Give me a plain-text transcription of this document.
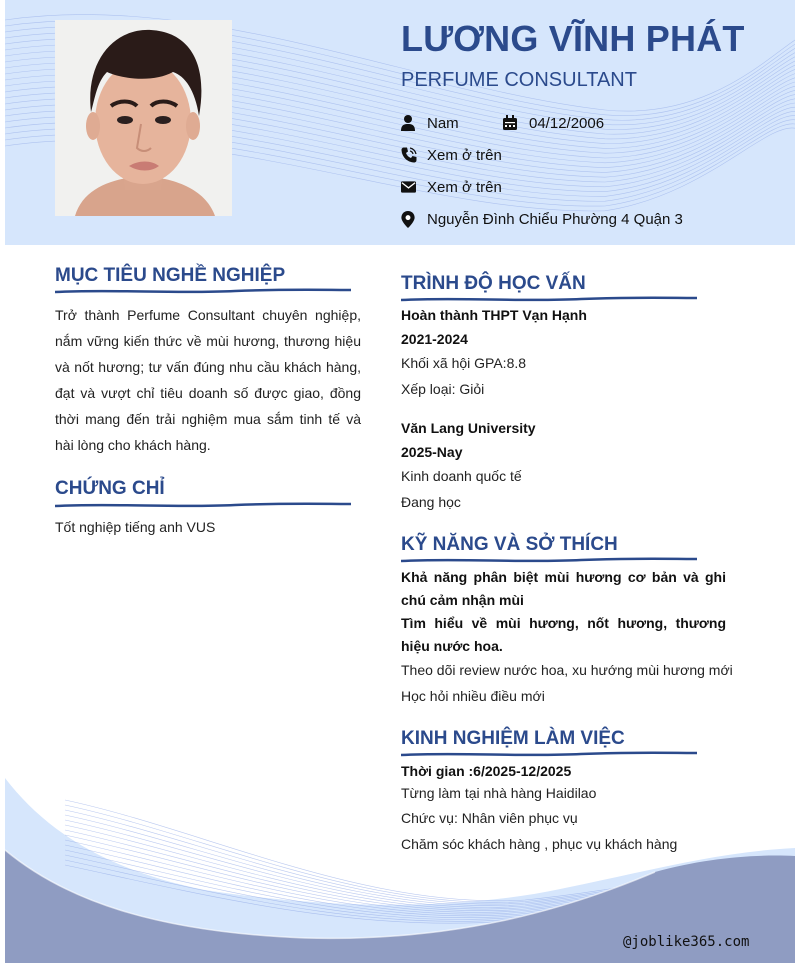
LƯƠNG VĨNH PHÁT
PERFUME CONSULTANT
Nam	04/12/2006
Xem ở trên
Xem ở trên
Nguyễn Đình Chiểu Phường 4 Quận 3
MỤC TIÊU NGHỀ NGHIỆP
Trở thành Perfume Consultant chuyên nghiệp, nắm vững kiến thức về mùi hương, thương hiệu và nốt hương; tư vấn đúng nhu cầu khách hàng, đạt và vượt chỉ tiêu doanh số được giao, đồng thời mang đến trải nghiệm mua sắm tinh tế và hài lòng cho khách hàng.
CHỨNG CHỈ
Tốt nghiệp tiếng anh VUS
TRÌNH ĐỘ HỌC VẤN
Hoàn thành THPT Vạn Hạnh
2021-2024
Khối xã hội GPA:8.8
Xếp loại: Giỏi
Văn Lang University
2025-Nay
Kinh doanh quốc tế
Đang học
KỸ NĂNG VÀ SỞ THÍCH
Khả năng phân biệt mùi hương cơ bản và ghi chú cảm nhận mùi
Tìm hiểu về mùi hương, nốt hương, thương hiệu nước hoa.
Theo dõi review nước hoa, xu hướng mùi hương mới
Học hỏi nhiều điều mới
KINH NGHIỆM LÀM VIỆC
Thời gian :6/2025-12/2025
Từng làm tại nhà hàng Haidilao
Chức vụ: Nhân viên phục vụ
Chăm sóc khách hàng , phục vụ khách hàng
@joblike365.com
